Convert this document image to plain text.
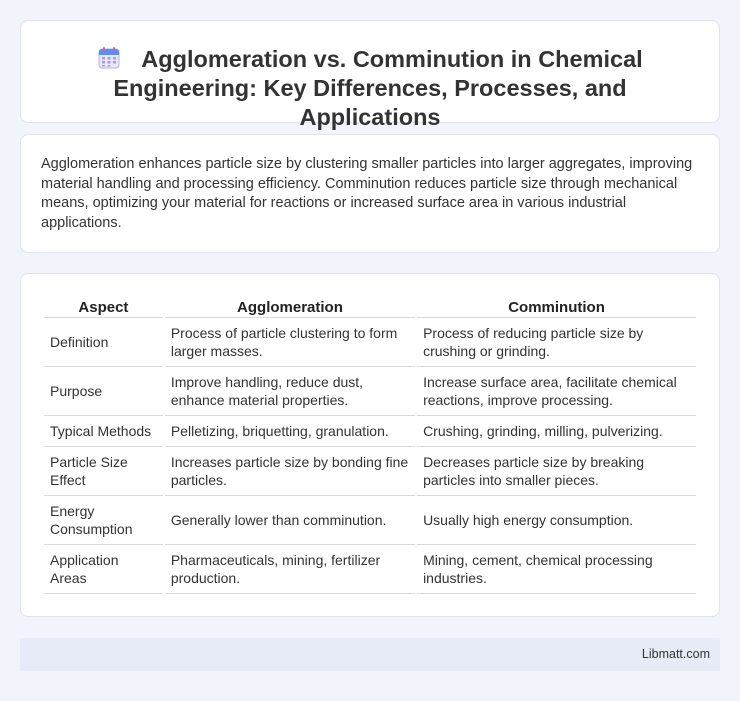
Agglomeration vs. Comminution in Chemical Engineering: Key Differences, Processes, and Applications

Agglomeration enhances particle size by clustering smaller particles into larger aggregates, improving material handling and processing efficiency. Comminution reduces particle size through mechanical means, optimizing your material for reactions or increased surface area in various industrial applications.

Aspect	Agglomeration	Comminution
Definition	Process of particle clustering to form larger masses.	Process of reducing particle size by crushing or grinding.
Purpose	Improve handling, reduce dust, enhance material properties.	Increase surface area, facilitate chemical reactions, improve processing.
Typical Methods	Pelletizing, briquetting, granulation.	Crushing, grinding, milling, pulverizing.
Particle Size Effect	Increases particle size by bonding fine particles.	Decreases particle size by breaking particles into smaller pieces.
Energy Consumption	Generally lower than comminution.	Usually high energy consumption.
Application Areas	Pharmaceuticals, mining, fertilizer production.	Mining, cement, chemical processing industries.
Libmatt.com
